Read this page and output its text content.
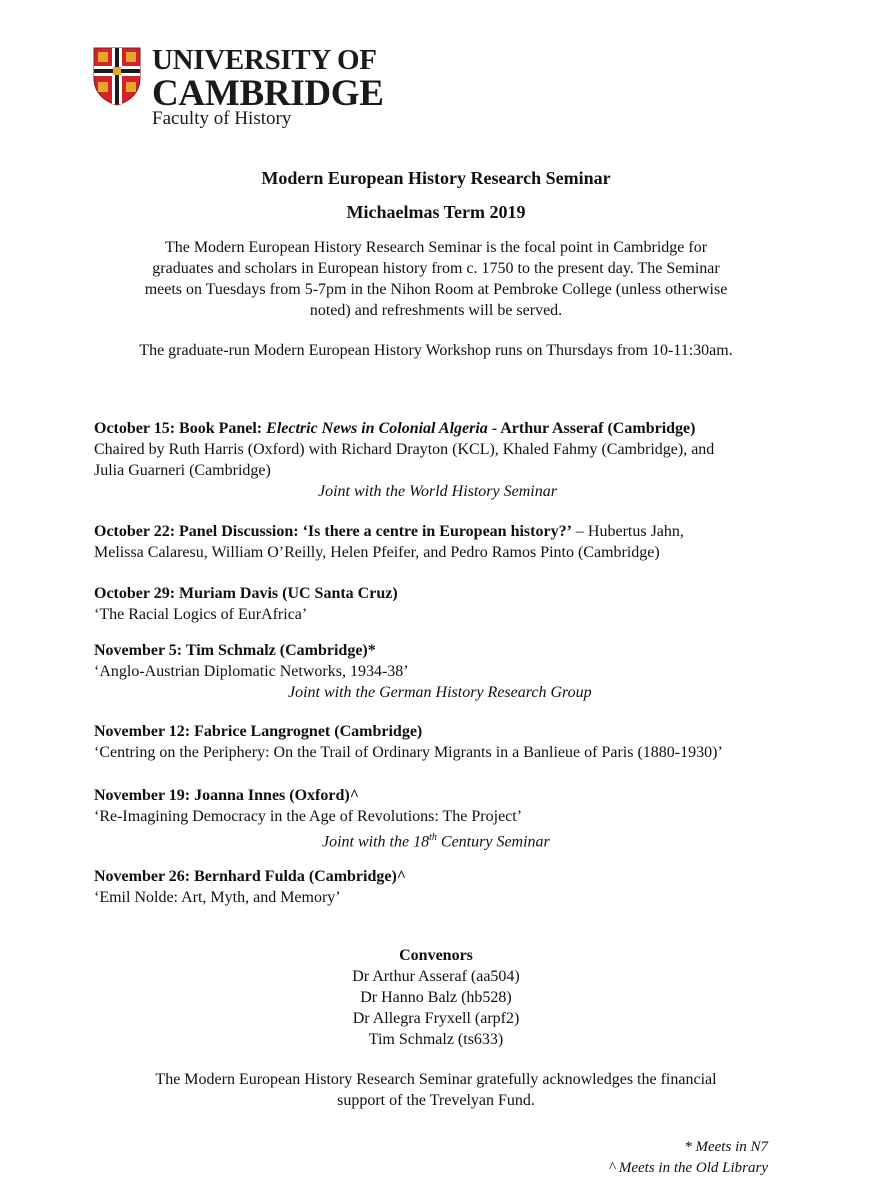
UNIVERSITY OF
CAMBRIDGE
Faculty of History
Modern European History Research Seminar
Michaelmas Term 2019
The Modern European History Research Seminar is the focal point in Cambridge for
graduates and scholars in European history from c. 1750 to the present day. The Seminar
meets on Tuesdays from 5-7pm in the Nihon Room at Pembroke College (unless otherwise
noted) and refreshments will be served.
The graduate-run Modern European History Workshop runs on Thursdays from 10-11:30am.
October 15: Book Panel: Electric News in Colonial Algeria - Arthur Asseraf (Cambridge)
Chaired by Ruth Harris (Oxford) with Richard Drayton (KCL), Khaled Fahmy (Cambridge), and
Julia Guarneri (Cambridge)
Joint with the World History Seminar
October 22: Panel Discussion: ‘Is there a centre in European history?’ – Hubertus Jahn,
Melissa Calaresu, William O’Reilly, Helen Pfeifer, and Pedro Ramos Pinto (Cambridge)
October 29: Muriam Davis (UC Santa Cruz)
‘The Racial Logics of EurAfrica’
November 5: Tim Schmalz (Cambridge)*
‘Anglo-Austrian Diplomatic Networks, 1934-38’
Joint with the German History Research Group
November 12: Fabrice Langrognet (Cambridge)
‘Centring on the Periphery: On the Trail of Ordinary Migrants in a Banlieue of Paris (1880-1930)’
November 19: Joanna Innes (Oxford)^
‘Re-Imagining Democracy in the Age of Revolutions: The Project’
Joint with the 18th Century Seminar
November 26: Bernhard Fulda (Cambridge)^
‘Emil Nolde: Art, Myth, and Memory’
Convenors
Dr Arthur Asseraf (aa504)
Dr Hanno Balz (hb528)
Dr Allegra Fryxell (arpf2)
Tim Schmalz (ts633)
The Modern European History Research Seminar gratefully acknowledges the financial
support of the Trevelyan Fund.
* Meets in N7
^ Meets in the Old Library
